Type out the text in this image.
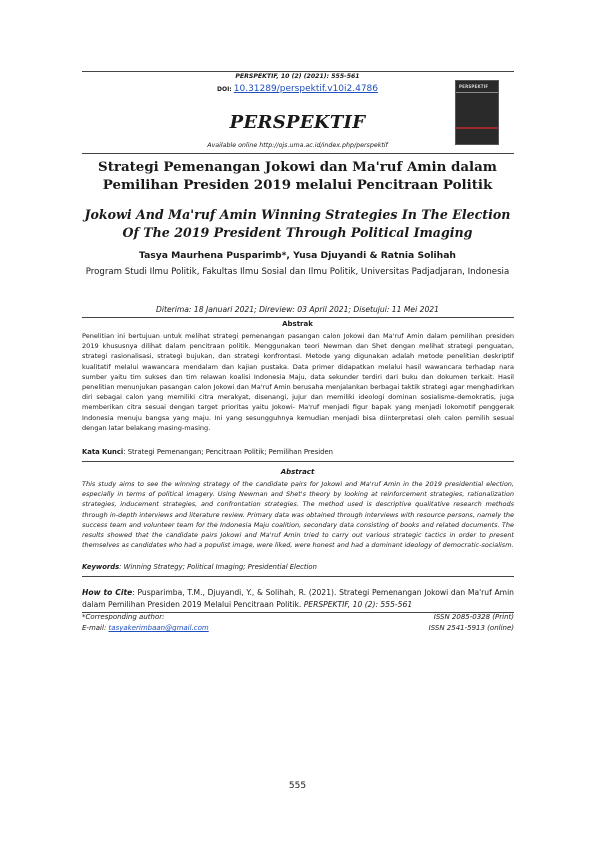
PERSPEKTIF, 10 (2) (2021): 555-561
DOI: 10.31289/perspektif.v10i2.4786
PERSPEKTIF
Available online http://ojs.uma.ac.id/index.php/perspektif
PERSPEKTIF
Strategi Pemenangan Jokowi dan Ma'ruf Amin dalam
Pemilihan Presiden 2019 melalui Pencitraan Politik
Jokowi And Ma'ruf Amin Winning Strategies In The Election
Of The 2019 President Through Political Imaging
Tasya Maurhena Pusparimb*, Yusa Djuyandi & Ratnia Solihah
Program Studi Ilmu Politik, Fakultas Ilmu Sosial dan Ilmu Politik, Universitas Padjadjaran, Indonesia
Diterima: 18 Januari 2021; Direview: 03 April 2021; Disetujui: 11 Mei 2021
Abstrak
Penelitian ini bertujuan untuk melihat strategi pemenangan pasangan calon Jokowi dan Ma'ruf Amin dalam pemilihan presiden 2019 khususnya dilihat dalam pencitraan politik. Menggunakan teori Newman dan Shet dengan melihat strategi penguatan, strategi rasionalisasi, strategi bujukan, dan strategi konfrontasi. Metode yang digunakan adalah metode penelitian deskriptif kualitatif melalui wawancara mendalam dan kajian pustaka. Data primer didapatkan melalui hasil wawancara terhadap nara sumber yaitu tim sukses dan tim relawan koalisi Indonesia Maju, data sekunder terdiri dari buku dan dokumen terkait. Hasil penelitian menunjukan pasangan calon Jokowi dan Ma'ruf Amin berusaha menjalankan berbagai taktik strategi agar menghadirkan diri sebagai calon yang memiliki citra merakyat, disenangi, jujur dan memiliki ideologi dominan sosialisme-demokratis, juga memberikan citra sesuai dengan target prioritas yaitu Jokowi- Ma'ruf menjadi figur bapak yang menjadi lokomotif penggerak Indonesia menuju bangsa yang maju. Ini yang sesungguhnya kemudian menjadi bisa diinterpretasi oleh calon pemilih sesuai dengan latar belakang masing-masing.
Kata Kunci: Strategi Pemenangan; Pencitraan Politik; Pemilihan Presiden
Abstract
This study aims to see the winning strategy of the candidate pairs for Jokowi and Ma'ruf Amin in the 2019 presidential election, especially in terms of political imagery. Using Newman and Shet's theory by looking at reinforcement strategies, rationalization strategies, inducement strategies, and confrontation strategies. The method used is descriptive qualitative research methods through in-depth interviews and literature review. Primary data was obtained through interviews with resource persons, namely the success team and volunteer team for the Indonesia Maju coalition, secondary data consisting of books and related documents. The results showed that the candidate pairs Jokowi and Ma'ruf Amin tried to carry out various strategic tactics in order to present themselves as candidates who had a populist image, were liked, were honest and had a dominant ideology of democratic-socialism.
Keywords: Winning Strategy; Political Imaging; Presidential Election
How to Cite: Pusparimba, T.M., Djuyandi, Y., & Solihah, R. (2021). Strategi Pemenangan Jokowi dan Ma'ruf Amin dalam Pemilihan Presiden 2019 Melalui Pencitraan Politik. PERSPEKTIF, 10 (2): 555-561
*Corresponding author:
E-mail: tasyakerimbaan@gmail.com
ISSN 2085-0328 (Print)
ISSN 2541-5913 (online)
555
